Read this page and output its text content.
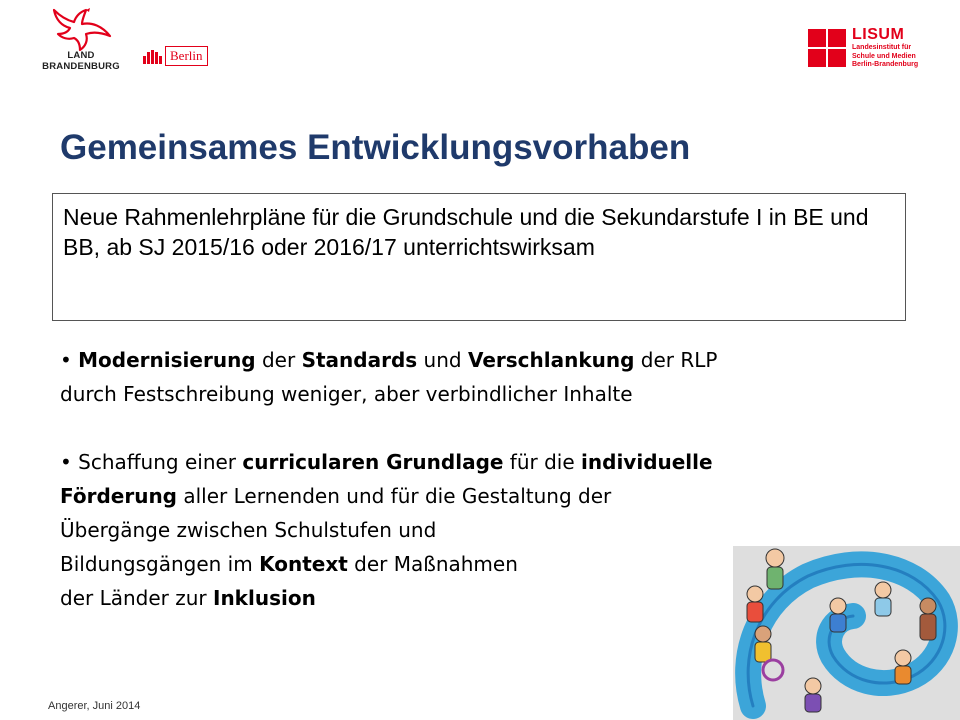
LAND
BRANDENBURG
Berlin
LISUM
Landesinstitut für
Schule und Medien
Berlin-Brandenburg
Gemeinsames Entwicklungsvorhaben
Neue Rahmenlehrpläne für die Grundschule und die Sekundarstufe I in BE und BB, ab SJ 2015/16 oder 2016/17 unterrichtswirksam

• Modernisierung der Standards und Verschlankung der RLP
durch Festschreibung weniger, aber verbindlicher Inhalte

• Schaffung einer curricularen Grundlage für die individuelle
Förderung aller Lernenden und für die Gestaltung der
Übergänge zwischen Schulstufen und
Bildungsgängen im Kontext der Maßnahmen
der Länder zur Inklusion

Angerer, Juni 2014
